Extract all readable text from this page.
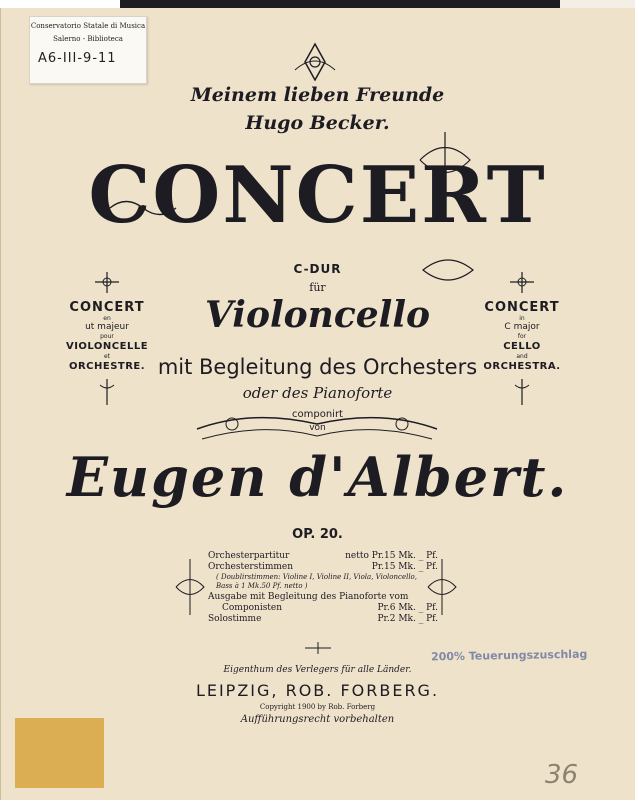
Conservatorio Statale di Musica
Salerno - Biblioteca
A6-III-9-11
Meinem lieben Freunde
Hugo Becker.
CONCERT
C-DUR
für
Violoncello
mit Begleitung des Orchesters
oder des Pianoforte
componirt
von
Eugen d'Albert.
OP. 20.
CONCERT
en
ut majeur
pour
VIOLONCELLE
et
ORCHESTRE.
CONCERT
in
C major
for
CELLO
and
ORCHESTRA.
Orchesterpartitur	netto Pr.15 Mk. _ Pf.
Orchesterstimmen	Pr.15 Mk. _ Pf.
( Doublirstimmen: Violine I, Violine II, Viola, Violoncello,
Bass à 1 Mk.50 Pf. netto )
Ausgabe mit Begleitung des Pianoforte vom
Componisten	Pr.6 Mk. _ Pf.
Solostimme	Pr.2 Mk. _ Pf.
Eigenthum des Verlegers für alle Länder.
LEIPZIG, ROB. FORBERG.
Copyright 1900 by Rob. Forberg
Aufführungsrecht vorbehalten
200% Teuerungszuschlag
36
